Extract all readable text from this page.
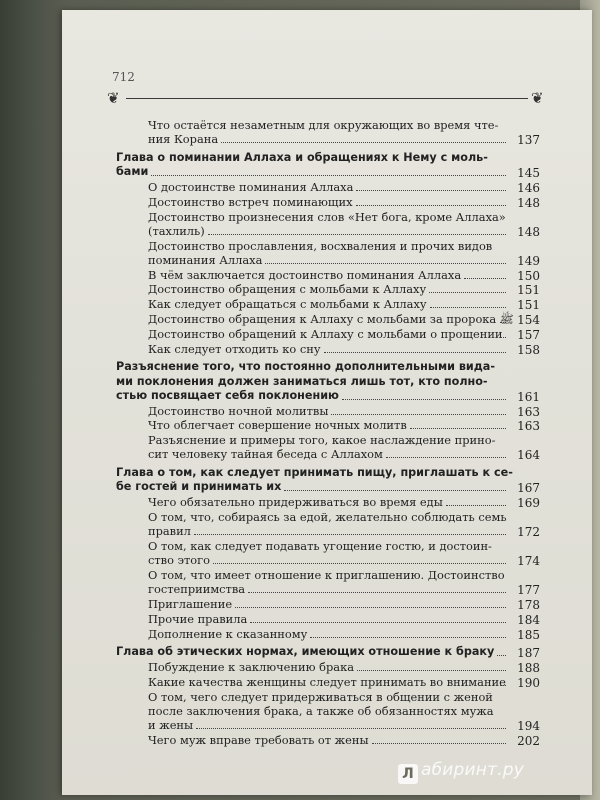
712
❦	❦
Что остаётся незаметным для окружающих во время чте-
ния Корана	137
Глава о поминании Аллаха и обращениях к Нему с моль-
бами	145
О достоинстве поминания Аллаха	146
Достоинство встреч поминающих	148
Достоинство произнесения слов «Нет бога, кроме Аллаха»
(тахлиль)	148
Достоинство прославления, восхваления и прочих видов
поминания Аллаха	149
В чём заключается достоинство поминания Аллаха	150
Достоинство обращения с мольбами к Аллаху	151
Как следует обращаться с мольбами к Аллаху	151
Достоинство обращения к Аллаху с мольбами за пророка ﷺ 154
Достоинство обращений к Аллаху с мольбами о прощении	157
Как следует отходить ко сну	158
Разъяснение того, что постоянно дополнительными вида-
ми поклонения должен заниматься лишь тот, кто полно-
стью посвящает себя поклонению	161
Достоинство ночной молитвы	163
Что облегчает совершение ночных молитв	163
Разъяснение и примеры того, какое наслаждение прино-
сит человеку тайная беседа с Аллахом	164
Глава о том, как следует принимать пищу, приглашать к се-
бе гостей и принимать их	167
Чего обязательно придерживаться во время еды	169
О том, что, собираясь за едой, желательно соблюдать семь
правил	172
О том, как следует подавать угощение гостю, и достоин-
ство этого	174
О том, что имеет отношение к приглашению. Достоинство
гостеприимства	177
Приглашение	178
Прочие правила	184
Дополнение к сказанному	185
Глава об этических нормах, имеющих отношение к браку	187
Побуждение к заключению брака	188
Какие качества женщины следует принимать во внимание 190
О том, чего следует придерживаться в общении с женой
после заключения брака, а также об обязанностях мужа
и жены	194
Чего муж вправе требовать от жены	202
Л абиринт.ру
